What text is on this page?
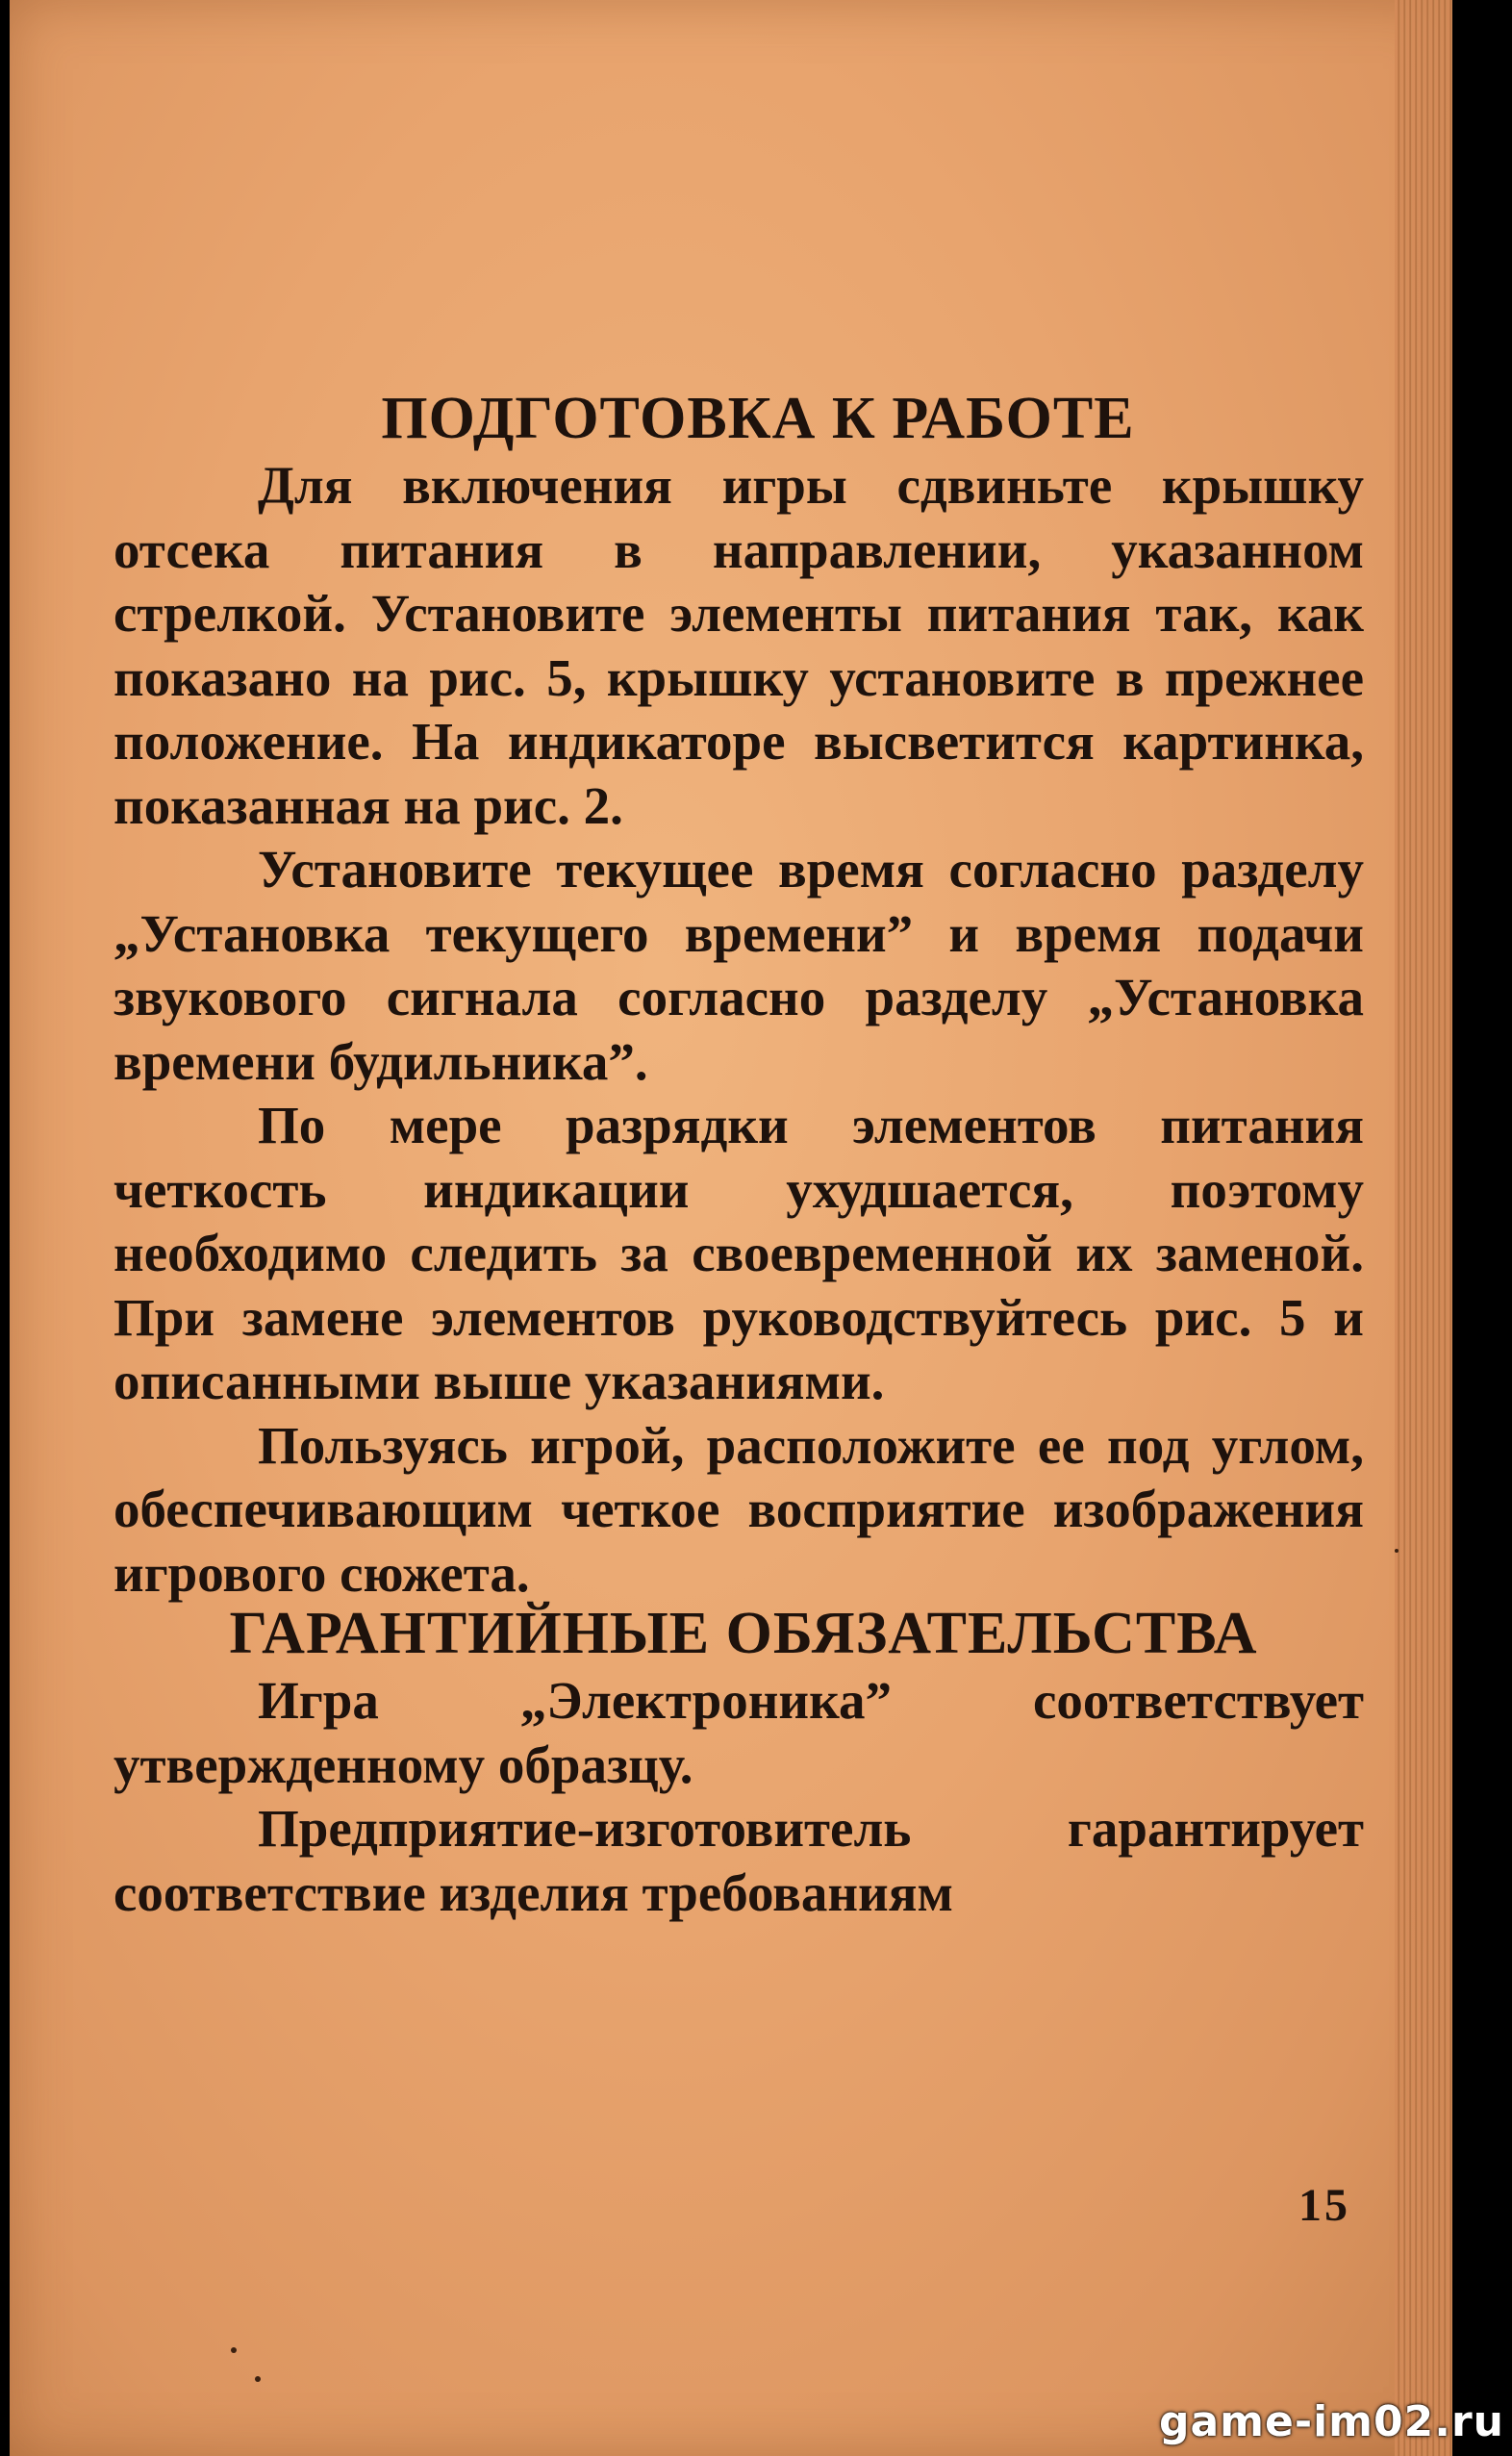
ПОДГОТОВКА К РАБОТЕ

Для включения игры сдвиньте крышку отсека питания в направлении, указанном стрелкой. Установите элементы питания так, как показано на рис. 5, крышку установите в прежнее положение. На индикаторе высветится картинка, показанная на рис. 2.

Установите текущее время согласно разделу „Установка текущего времени” и время подачи звукового сигнала согласно разделу „Установка времени будильника”.

По мере разрядки элементов питания четкость индикации ухудшается, поэтому необходимо следить за своевременной их заменой. При замене элементов руководствуйтесь рис. 5 и описанными выше указаниями.

Пользуясь игрой, расположите ее под углом, обеспечивающим четкое восприятие изображения игрового сюжета.

ГАРАНТИЙНЫЕ ОБЯЗАТЕЛЬСТВА

Игра „Электроника” соответствует утвержденному образцу.

Предприятие-изготовитель гарантирует соответствие изделия требованиям

15
game-im02.ru
